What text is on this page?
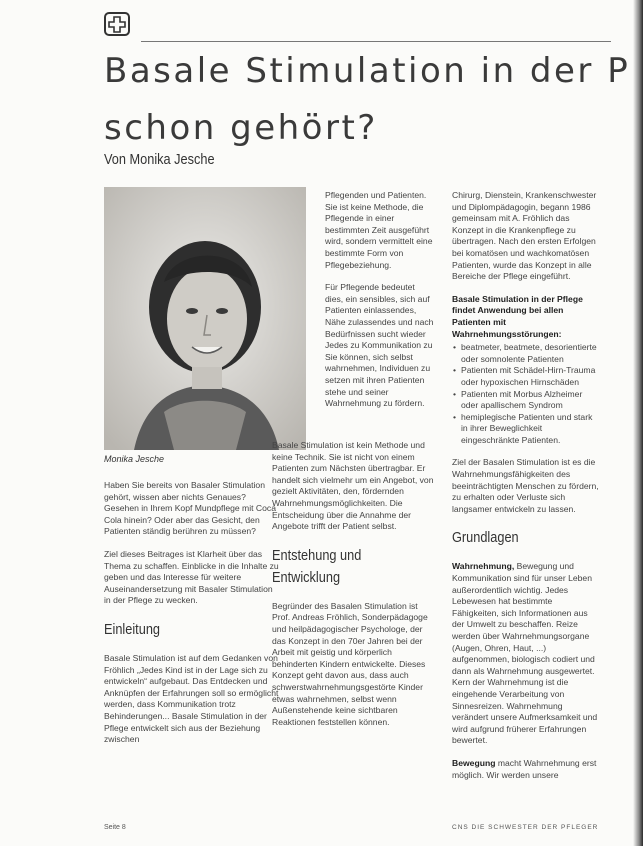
Basale Stimulation in der P
schon gehört?
Von Monika Jesche
Monika Jesche

Haben Sie bereits von Basaler Stimulation gehört, wissen aber nichts Genaues? Gesehen in Ihrem Kopf Mundpflege mit Coca Cola hinein? Oder aber das Gesicht, den Patienten ständig berühren zu müssen?

Ziel dieses Beitrages ist Klarheit über das Thema zu schaffen. Einblicke in die Inhalte zu geben und das Interesse für weitere Auseinandersetzung mit Basaler Stimulation in der Pflege zu wecken.

Einleitung

Basale Stimulation ist auf dem Gedanken von Fröhlich „Jedes Kind ist in der Lage sich zu entwickeln“ aufgebaut. Das Entdecken und Anknüpfen der Erfahrungen soll so ermöglicht werden, dass Kommunikation trotz Behinderungen... Basale Stimulation in der Pflege entwickelt sich aus der Beziehung zwischen

Pflegenden und Patienten. Sie ist keine Methode, die Pflegende in einer bestimmten Zeit ausgeführt wird, sondern vermittelt eine bestimmte Form von Pflegebeziehung.

Für Pflegende bedeutet dies, ein sensibles, sich auf Patienten einlassendes, Nähe zulassendes und nach Bedürfnissen sucht wieder Jedes zu Kommunikation zu Sie können, sich selbst wahrnehmen, Individuen zu setzen mit ihren Patienten stehe und seiner Wahrnehmung zu fördern.

Basale Stimulation ist kein Methode und keine Technik. Sie ist nicht von einem Patienten zum Nächsten übertragbar. Er handelt sich vielmehr um ein Angebot, von gezielt Aktivitäten, den, fördernden Wahrnehmungsmöglichkeiten. Die Entscheidung über die Annahme der Angebote trifft der Patient selbst.

Entstehung und Entwicklung

Begründer des Basalen Stimulation ist Prof. Andreas Fröhlich, Sonderpädagoge und heilpädagogischer Psychologe, der das Konzept in den 70er Jahren bei der Arbeit mit geistig und körperlich behinderten Kindern entwickelte. Dieses Konzept geht davon aus, dass auch schwerstwahrnehmungsgestörte Kinder etwas wahrnehmen, selbst wenn Außenstehende keine sichtbaren Reaktionen feststellen können.

Chirurg, Dienstein, Krankenschwester und Diplompädagogin, begann 1986 gemeinsam mit A. Fröhlich das Konzept in die Krankenpflege zu übertragen. Nach den ersten Erfolgen bei komatösen und wachkomatösen Patienten, wurde das Konzept in alle Bereiche der Pflege eingeführt.

Basale Stimulation in der Pflege findet Anwendung bei allen Patienten mit Wahrnehmungsstörungen:

• beatmeter, beatmete, desorientierte oder somnolente Patienten
• Patienten mit Schädel-Hirn-Trauma oder hypoxischen Hirnschäden
• Patienten mit Morbus Alzheimer oder apallischem Syndrom
• hemiplegische Patienten und stark in ihrer Beweglichkeit eingeschränkte Patienten.

Ziel der Basalen Stimulation ist es die Wahrnehmungsfähigkeiten des beeinträchtigten Menschen zu fördern, zu erhalten oder Verluste sich langsamer entwickeln zu lassen.

Grundlagen

Wahrnehmung, Bewegung und Kommunikation sind für unser Leben außerordentlich wichtig. Jedes Lebewesen hat bestimmte Fähigkeiten, sich Informationen aus der Umwelt zu beschaffen. Reize werden über Wahrnehmungsorgane (Augen, Ohren, Haut, ...) aufgenommen, biologisch codiert und dann als Wahrnehmung ausgewertet. Kern der Wahrnehmung ist die eingehende Verarbeitung von Sinnesreizen. Wahrnehmung verändert unsere Aufmerksamkeit und wird aufgrund früherer Erfahrungen bewertet.

Bewegung macht Wahrnehmung erst möglich. Wir werden unsere

Seite 8	CNS DIE SCHWESTER DER PFLEGER
